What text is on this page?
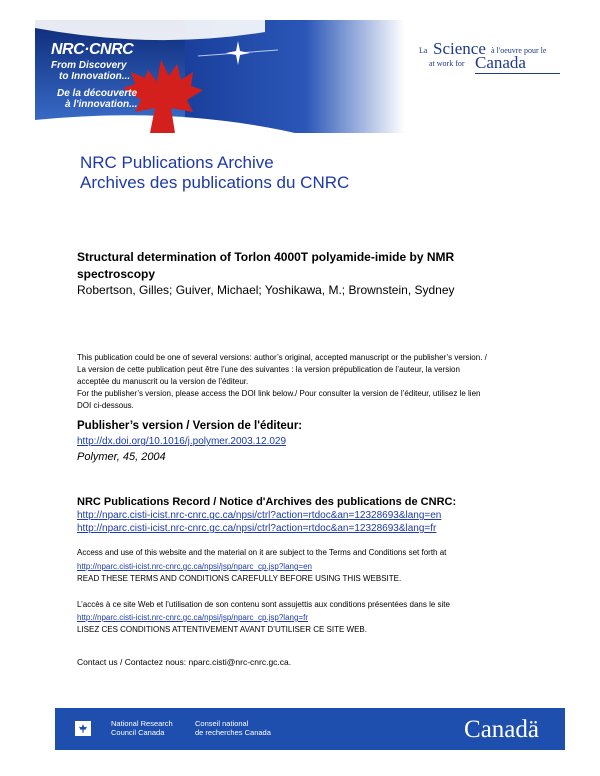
NRC·CNRC
From Discovery
to Innovation...
De la découverte
à l'innovation...
La Science à l'oeuvre pour le
at work for Canada
NRC Publications Archive
Archives des publications du CNRC
Structural determination of Torlon 4000T polyamide-imide by NMR spectroscopy
Robertson, Gilles; Guiver, Michael; Yoshikawa, M.; Brownstein, Sydney
This publication could be one of several versions: author’s original, accepted manuscript or the publisher’s version. /
La version de cette publication peut être l’une des suivantes : la version prépublication de l’auteur, la version
acceptée du manuscrit ou la version de l’éditeur.
For the publisher’s version, please access the DOI link below./ Pour consulter la version de l’éditeur, utilisez le lien
DOI ci-dessous.
Publisher’s version / Version de l'éditeur:
http://dx.doi.org/10.1016/j.polymer.2003.12.029
Polymer, 45, 2004
NRC Publications Record / Notice d'Archives des publications de CNRC:
http://nparc.cisti-icist.nrc-cnrc.gc.ca/npsi/ctrl?action=rtdoc&an=12328693&lang=en
http://nparc.cisti-icist.nrc-cnrc.gc.ca/npsi/ctrl?action=rtdoc&an=12328693&lang=fr
Access and use of this website and the material on it are subject to the Terms and Conditions set forth at
http://nparc.cisti-icist.nrc-cnrc.gc.ca/npsi/jsp/nparc_cp.jsp?lang=en
READ THESE TERMS AND CONDITIONS CAREFULLY BEFORE USING THIS WEBSITE.
L’accès à ce site Web et l’utilisation de son contenu sont assujettis aux conditions présentées dans le site
http://nparc.cisti-icist.nrc-cnrc.gc.ca/npsi/jsp/nparc_cp.jsp?lang=fr
LISEZ CES CONDITIONS ATTENTIVEMENT AVANT D’UTILISER CE SITE WEB.
Contact us / Contactez nous: nparc.cisti@nrc-cnrc.gc.ca.
National Research
Council Canada
Conseil national
de recherches Canada	Canadä
